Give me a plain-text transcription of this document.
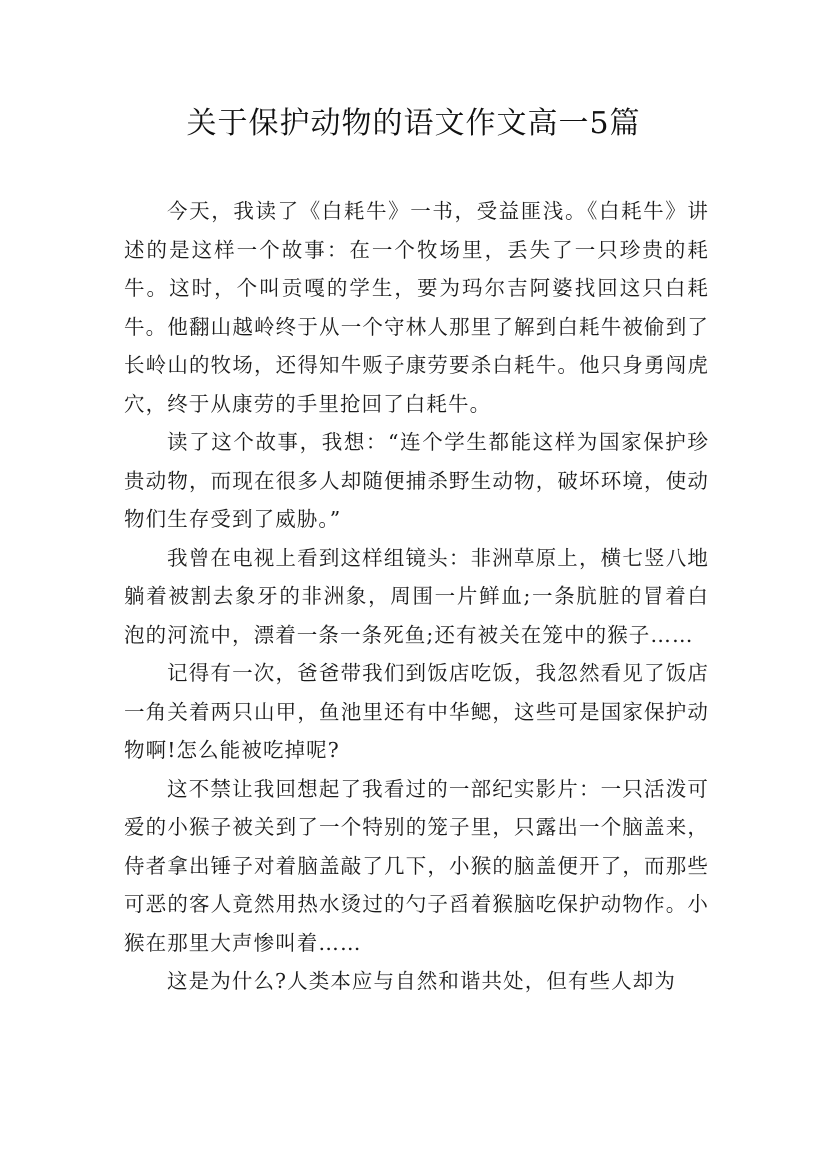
关于保护动物的语文作文高一5篇

今天，我读了《白耗牛》一书，受益匪浅。《白耗牛》讲述的是这样一个故事：在一个牧场里，丢失了一只珍贵的耗牛。这时，个叫贡嘎的学生，要为玛尔吉阿婆找回这只白耗牛。他翻山越岭终于从一个守林人那里了解到白耗牛被偷到了长岭山的牧场，还得知牛贩子康劳要杀白耗牛。他只身勇闯虎穴，终于从康劳的手里抢回了白耗牛。

读了这个故事，我想：“连个学生都能这样为国家保护珍贵动物，而现在很多人却随便捕杀野生动物，破坏环境，使动物们生存受到了威胁。”

我曾在电视上看到这样组镜头：非洲草原上，横七竖八地躺着被割去象牙的非洲象，周围一片鲜血;一条肮脏的冒着白泡的河流中，漂着一条一条死鱼;还有被关在笼中的猴子……

记得有一次，爸爸带我们到饭店吃饭，我忽然看见了饭店一角关着两只山甲，鱼池里还有中华鳃，这些可是国家保护动物啊!怎么能被吃掉呢?

这不禁让我回想起了我看过的一部纪实影片：一只活泼可爱的小猴子被关到了一个特别的笼子里，只露出一个脑盖来，侍者拿出锤子对着脑盖敲了几下，小猴的脑盖便开了，而那些可恶的客人竟然用热水烫过的勺子舀着猴脑吃保护动物作。小猴在那里大声惨叫着……

这是为什么?人类本应与自然和谐共处，但有些人却为
